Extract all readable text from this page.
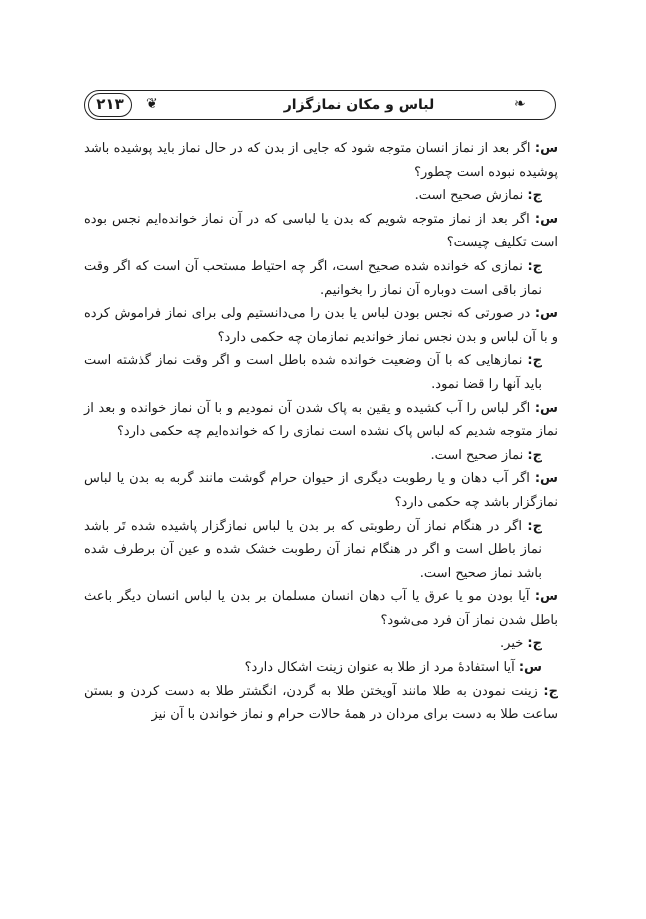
۲۱۳	❦	لباس و مکان نمازگزار	❧

س: اگر بعد از نماز انسان متوجه شود که جایی از بدن که در حال نماز باید پوشیده باشد پوشیده نبوده است چطور؟

ج: نمازش صحیح است.

س: اگر بعد از نماز متوجه شویم که بدن یا لباسی که در آن نماز خوانده‌ایم نجس بوده است تکلیف چیست؟

ج: نمازی که خوانده شده صحیح است، اگر چه احتیاط مستحب آن است که اگر وقت نماز باقی است دوباره آن نماز را بخوانیم.

س: در صورتی که نجس بودن لباس یا بدن را می‌دانستیم ولی برای نماز فراموش کرده و با آن لباس و بدن نجس نماز خواندیم نمازمان چه حکمی دارد؟

ج: نمازهایی که با آن وضعیت خوانده شده باطل است و اگر وقت نماز گذشته است باید آنها را قضا نمود.

س: اگر لباس را آب کشیده و یقین به پاک شدن آن نمودیم و با آن نماز خوانده و بعد از نماز متوجه شدیم که لباس پاک نشده است نمازی را که خوانده‌ایم چه حکمی دارد؟

ج: نماز صحیح است.

س: اگر آب دهان و یا رطوبت دیگری از حیوان حرام گوشت مانند گربه به بدن یا لباس نمازگزار باشد چه حکمی دارد؟

ج: اگر در هنگام نماز آن رطوبتی که بر بدن یا لباس نمازگزار پاشیده شده تَر باشد نماز باطل است و اگر در هنگام نماز آن رطوبت خشک شده و عین آن برطرف شده باشد نماز صحیح است.

س: آیا بودن مو یا عرق یا آب دهان انسان مسلمان بر بدن یا لباس انسان دیگر باعث باطل شدن نماز آن فرد می‌شود؟

ج: خیر.

س: آیا استفادۀ مرد از طلا به عنوان زینت اشکال دارد؟

ج: زینت نمودن به طلا مانند آویختن طلا به گردن، انگشتر طلا به دست کردن و بستن ساعت طلا به دست برای مردان در همۀ حالات حرام و نماز خواندن با آن نیز
